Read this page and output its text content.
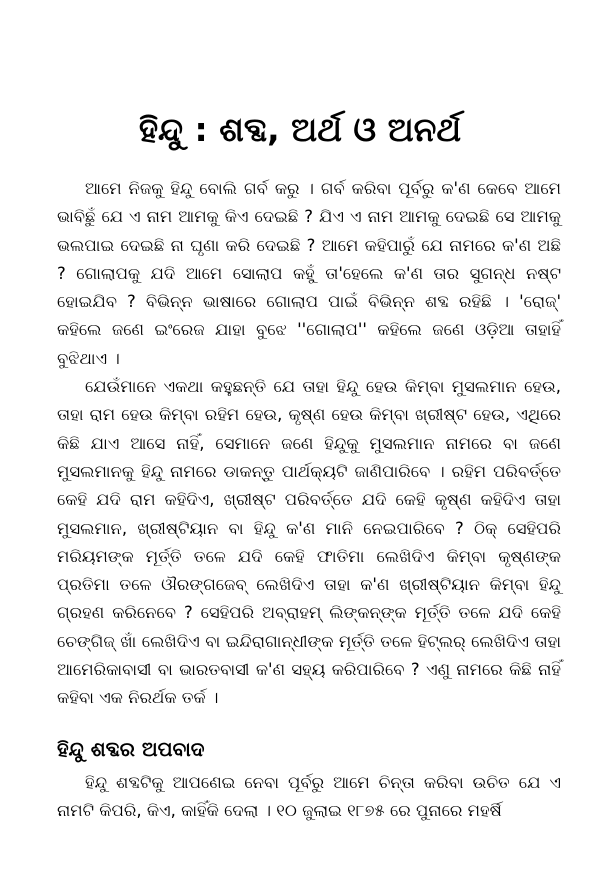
ହିନ୍ଦୁ : ଶବ୍ଦ, ଅର୍ଥ ଓ ଅନର୍ଥ

ଆମେ ନିଜକୁ ହିନ୍ଦୁ ବୋଲି ଗର୍ବ କରୁ । ଗର୍ବ କରିବା ପୂର୍ବରୁ କ'ଣ କେବେ ଆମେ ଭାବିଛୁଁ ଯେ ଏ ନାମ ଆମକୁ କିଏ ଦେଇଛି ? ଯିଏ ଏ ନାମ ଆମକୁ ଦେଇଛି ସେ ଆମକୁ ଭଲପାଇ ଦେଇଛି ନା ଘୃଣା କରି ଦେଇଛି ? ଆମେ କହିପାରୁଁ ଯେ ନାମରେ କ'ଣ ଅଛି ? ଗୋଲାପକୁ ଯଦି ଆମେ ସୋଲାପ କହୁଁ ତା'ହେଲେ କ'ଣ ତାର ସୁଗନ୍ଧ ନଷ୍ଟ ହୋଇଯିବ ? ବିଭିନ୍ନ ଭାଷାରେ ଗୋଲାପ ପାଇଁ ବିଭିନ୍ନ ଶବ୍ଦ ରହିଛି । 'ରୋଜ୍' କହିଲେ ଜଣେ ଇଂରେଜ ଯାହା ବୁଝେ ''ଗୋଲାପ'' କହିଲେ ଜଣେ ଓଡ଼ିଆ ତାହାହିଁ ବୁଝିଥାଏ ।

ଯେଉଁମାନେ ଏକଥା କହୁଛନ୍ତି ଯେ ତାହା ହିନ୍ଦୁ ହେଉ କିମ୍ବା ମୁସଲମାନ ହେଉ, ତାହା ରାମ ହେଉ କିମ୍ବା ରହିମ ହେଉ, କୃଷ୍ଣ ହେଉ କିମ୍ବା ଖ୍ରୀଷ୍ଟ ହେଉ, ଏଥିରେ କିଛି ଯାଏ ଆସେ ନାହିଁ, ସେମାନେ ଜଣେ ହିନ୍ଦୁକୁ ମୁସଲମାନ ନାମରେ ବା ଜଣେ ମୁସଲମାନକୁ ହିନ୍ଦୁ ନାମରେ ଡାକନ୍ତୁ ପାର୍ଥକ୍ୟଟି ଜାଣିପାରିବେ । ରହିମ ପରିବର୍ତ୍ତେ କେହି ଯଦି ରାମ କହିଦିଏ, ଖ୍ରୀଷ୍ଟ ପରିବର୍ତ୍ତେ ଯଦି କେହି କୃଷ୍ଣ କହିଦିଏ ତାହା ମୁସଲମାନ, ଖ୍ରୀଷ୍ଟିୟାନ ବା ହିନ୍ଦୁ କ'ଣ ମାନି ନେଇପାରିବେ ? ଠିକ୍ ସେହିପରି ମରିୟମଙ୍କ ମୂର୍ତ୍ତି ତଳେ ଯଦି କେହି ଫାତିମା ଲେଖିଦିଏ କିମ୍ବା କୃଷ୍ଣଙ୍କ ପ୍ରତିମା ତଳେ ଔରଙ୍ଗଜେବ୍ ଲେଖିଦିଏ ତାହା କ'ଣ ଖ୍ରୀଷ୍ଟିୟାନ କିମ୍ବା ହିନ୍ଦୁ ଗ୍ରହଣ କରିନେବେ ? ସେହିପରି ଅବ୍ରାହମ୍ ଲିଙ୍କନ୍‌ଙ୍କ ମୂର୍ତ୍ତି ତଳେ ଯଦି କେହି ଚେଙ୍ଗିଜ୍ ଖାଁ ଲେଖିଦିଏ ବା ଇନ୍ଦିରାଗାନ୍ଧୀଙ୍କ ମୂର୍ତ୍ତି ତଳେ ହିଟ୍‌ଲର୍ ଲେଖିଦିଏ ତାହା ଆମେରିକାବାସୀ ବା ଭାରତବାସୀ କ'ଣ ସହ୍ୟ କରିପାରିବେ ? ଏଣୁ ନାମରେ କିଛି ନାହିଁ କହିବା ଏକ ନିରର୍ଥକ ତର୍କ ।

ହିନ୍ଦୁ ଶବ୍ଦର ଅପବାଦ

ହିନ୍ଦୁ ଶବ୍ଦଟିକୁ ଆପଣେଇ ନେବା ପୂର୍ବରୁ ଆମେ ଚିନ୍ତା କରିବା ଉଚିତ ଯେ ଏ ନାମଟି କିପରି, କିଏ, କାହିଁକି ଦେଲା । ୧୦ ଜୁଲାଇ ୧୮୭୫ ରେ ପୁନାରେ ମହର୍ଷି
